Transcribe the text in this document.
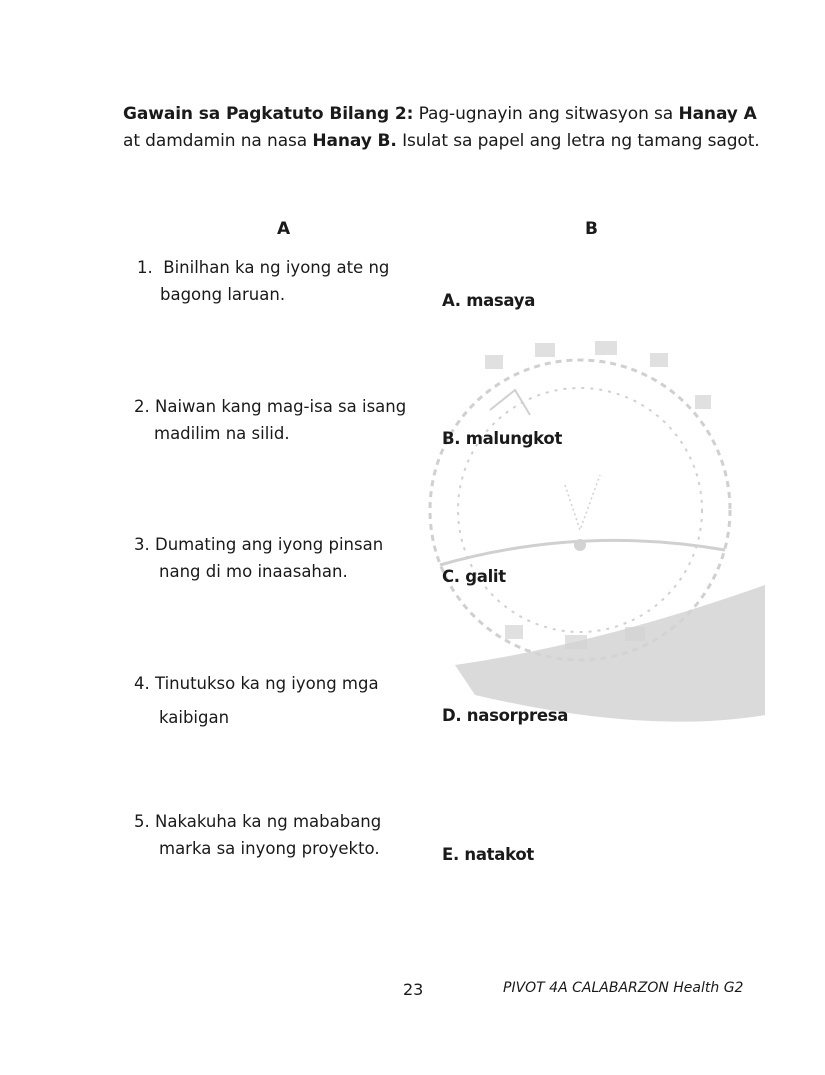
Gawain sa Pagkatuto Bilang 2: Pag-ugnayin ang sitwasyon sa Hanay A at damdamin na nasa Hanay B. Isulat sa papel ang letra ng tamang sagot.
A	B
1. Binilhan ka ng iyong ate ng
bagong laruan.
2. Naiwan kang mag-isa sa isang
madilim na silid.
3. Dumating ang iyong pinsan
nang di mo inaasahan.
4. Tinutukso ka ng iyong mga
kaibigan
5. Nakakuha ka ng mababang
marka sa inyong proyekto.
A. masaya
B. malungkot
C. galit
D. nasorpresa
E. natakot
23	PIVOT 4A CALABARZON Health G2
